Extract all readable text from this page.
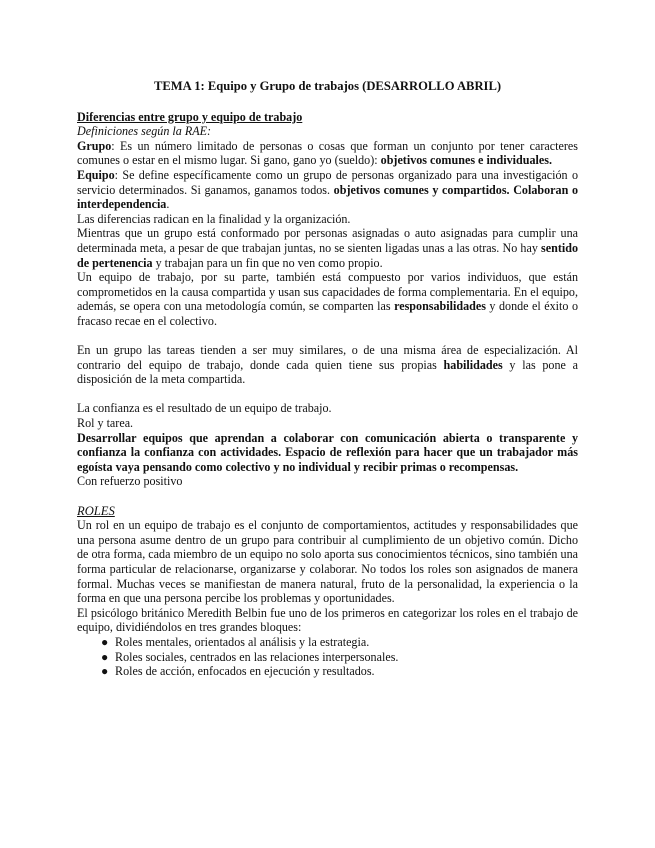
TEMA 1: Equipo y Grupo de trabajos (DESARROLLO ABRIL)

Diferencias entre grupo y equipo de trabajo

Definiciones según la RAE:

Grupo: Es un número limitado de personas o cosas que forman un conjunto por tener caracteres comunes o estar en el mismo lugar. Si gano, gano yo (sueldo): objetivos comunes e individuales.

Equipo: Se define específicamente como un grupo de personas organizado para una investigación o servicio determinados. Si ganamos, ganamos todos. objetivos comunes y compartidos. Colaboran o interdependencia.

Las diferencias radican en la finalidad y la organización.

Mientras que un grupo está conformado por personas asignadas o auto asignadas para cumplir una determinada meta, a pesar de que trabajan juntas, no se sienten ligadas unas a las otras. No hay sentido de pertenencia y trabajan para un fin que no ven como propio.

Un equipo de trabajo, por su parte, también está compuesto por varios individuos, que están comprometidos en la causa compartida y usan sus capacidades de forma complementaria. En el equipo, además, se opera con una metodología común, se comparten las responsabilidades y donde el éxito o fracaso recae en el colectivo.

En un grupo las tareas tienden a ser muy similares, o de una misma área de especialización. Al contrario del equipo de trabajo, donde cada quien tiene sus propias habilidades y las pone a disposición de la meta compartida.

La confianza es el resultado de un equipo de trabajo.

Rol y tarea.

Desarrollar equipos que aprendan a colaborar con comunicación abierta o transparente y confianza la confianza con actividades. Espacio de reflexión para hacer que un trabajador más egoísta vaya pensando como colectivo y no individual y recibir primas o recompensas.

Con refuerzo positivo

ROLES

Un rol en un equipo de trabajo es el conjunto de comportamientos, actitudes y responsabilidades que una persona asume dentro de un grupo para contribuir al cumplimiento de un objetivo común. Dicho de otra forma, cada miembro de un equipo no solo aporta sus conocimientos técnicos, sino también una forma particular de relacionarse, organizarse y colaborar. No todos los roles son asignados de manera formal. Muchas veces se manifiestan de manera natural, fruto de la personalidad, la experiencia o la forma en que una persona percibe los problemas y oportunidades.

El psicólogo británico Meredith Belbin fue uno de los primeros en categorizar los roles en el trabajo de equipo, dividiéndolos en tres grandes bloques:

● Roles mentales, orientados al análisis y la estrategia.
● Roles sociales, centrados en las relaciones interpersonales.
● Roles de acción, enfocados en ejecución y resultados.
